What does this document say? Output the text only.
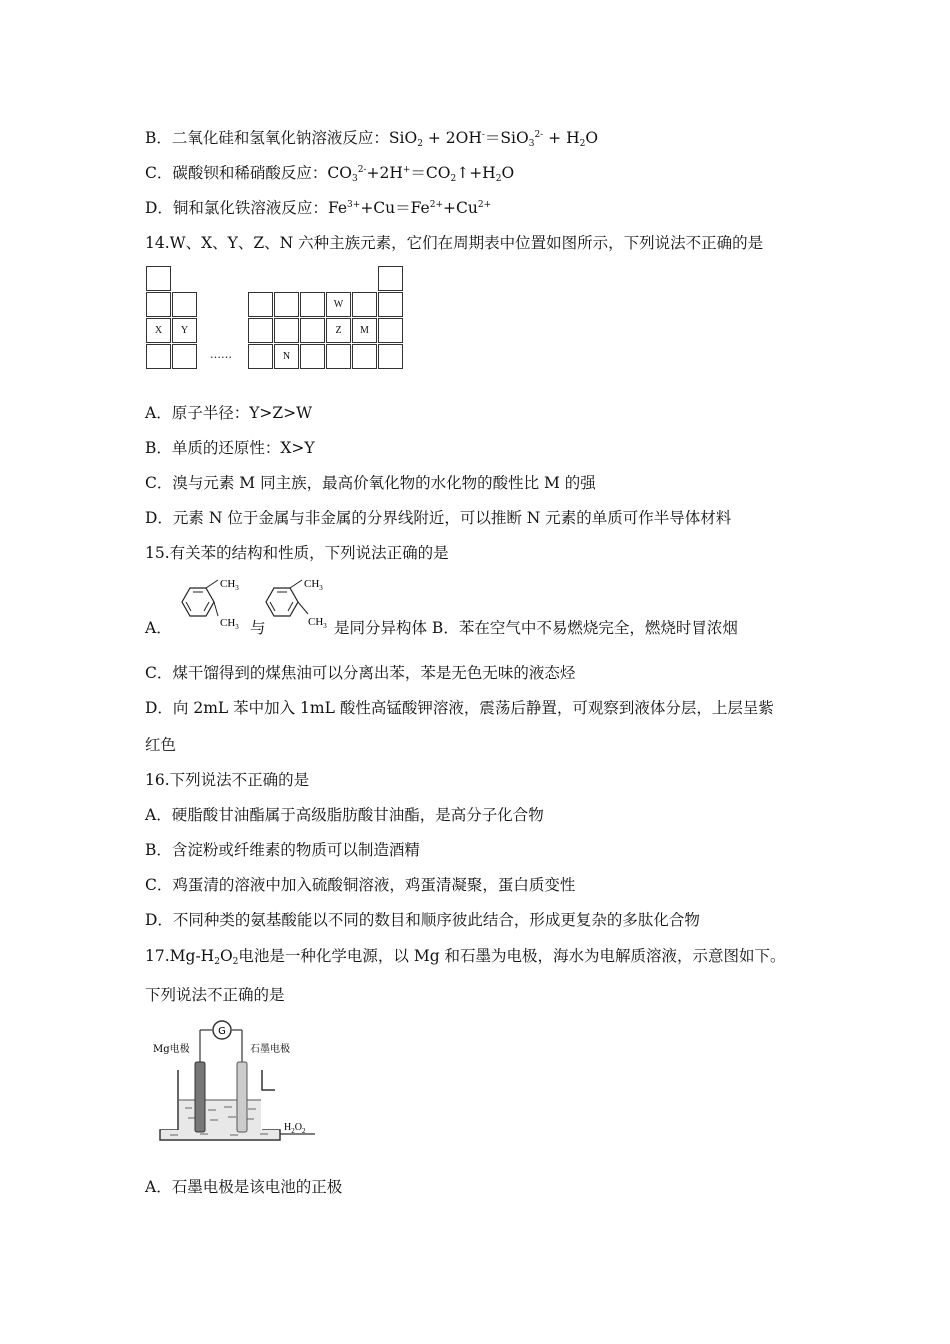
B．二氧化硅和氢氧化钠溶液反应：$SiO_2 + 2OH^-=SiO_3^{2-} + H_2O$
C．碳酸钡和稀硝酸反应：$CO_3^{2-}+2H^+=CO_2↑+H_2O$
D．铜和氯化铁溶液反应：$Fe^{3+}+Cu=Fe^{2+}+Cu^{2+}$
14.W、X、Y、Z、N 六种主族元素，它们在周期表中位置如图所示，下列说法不正确的是
W
X	Y	Z	M
……	N
A．原子半径：Y>Z>W
B．单质的还原性：X>Y
C．溴与元素 M 同主族，最高价氧化物的水化物的酸性比 M 的强
D．元素 N 位于金属与非金属的分界线附近，可以推断 N 元素的单质可作半导体材料
15.有关苯的结构和性质，下列说法正确的是
A．
$CH_3$
$CH_3$ 与
$CH_3$
$CH_3$ 是同分异构体 B．苯在空气中不易燃烧完全，燃烧时冒浓烟
C．煤干馏得到的煤焦油可以分离出苯，苯是无色无味的液态烃
D．向 2mL 苯中加入 1mL 酸性高锰酸钾溶液，震荡后静置，可观察到液体分层，上层呈紫
红色
16.下列说法不正确的是
A．硬脂酸甘油酯属于高级脂肪酸甘油酯，是高分子化合物
B．含淀粉或纤维素的物质可以制造酒精
C．鸡蛋清的溶液中加入硫酸铜溶液，鸡蛋清凝聚，蛋白质变性
D．不同种类的氨基酸能以不同的数目和顺序彼此结合，形成更复杂的多肽化合物
$17.Mg-H_2O_2$电池是一种化学电源，以 Mg 和石墨为电极，海水为电解质溶液，示意图如下。
下列说法不正确的是
G
Mg电极	石墨电极
$H_2O_2$
A．石墨电极是该电池的正极
